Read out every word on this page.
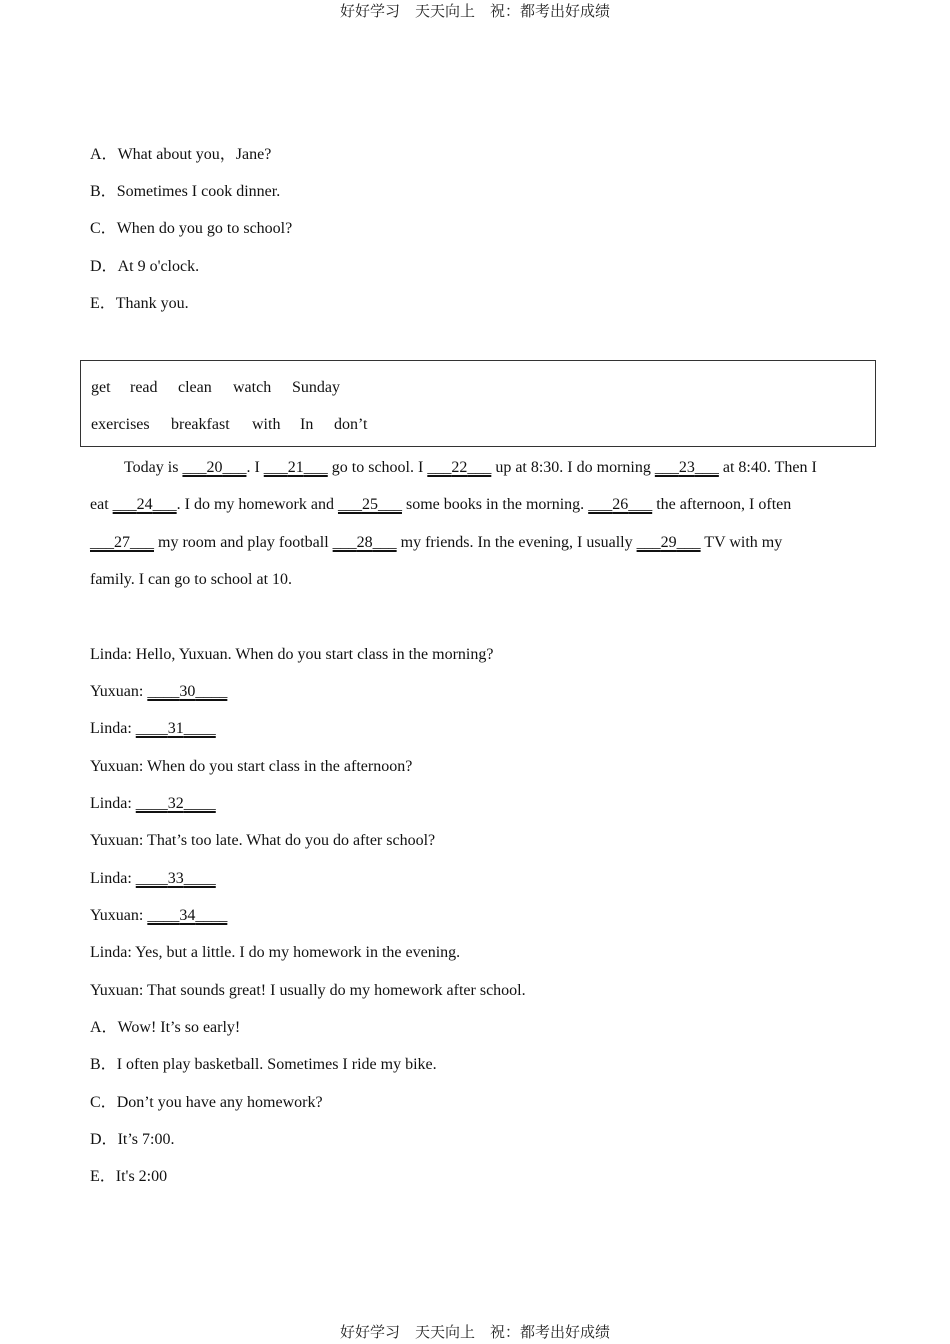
好好学习　天天向上　祝：都考出好成绩
A．What about you，Jane?
B．Sometimes I cook dinner.
C．When do you go to school?
D．At 9 o'clock.
E．Thank you.
get read clean watch Sunday
exercises breakfast with In don’t
Today is ___20___. I ___21___ go to school. I ___22___ up at 8:30. I do morning ___23___ at 8:40. Then I
eat ___24___. I do my homework and ___25___ some books in the morning. ___26___ the afternoon, I often
___27___ my room and play football ___28___ my friends. In the evening, I usually ___29___ TV with my
family. I can go to school at 10.
Linda: Hello, Yuxuan. When do you start class in the morning?
Yuxuan: ____30____
Linda: ____31____
Yuxuan: When do you start class in the afternoon?
Linda: ____32____
Yuxuan: That’s too late. What do you do after school?
Linda: ____33____
Yuxuan: ____34____
Linda: Yes, but a little. I do my homework in the evening.
Yuxuan: That sounds great! I usually do my homework after school.
A．Wow! It’s so early!
B．I often play basketball. Sometimes I ride my bike.
C．Don’t you have any homework?
D．It’s 7:00.
E．It's 2:00
好好学习　天天向上　祝：都考出好成绩
